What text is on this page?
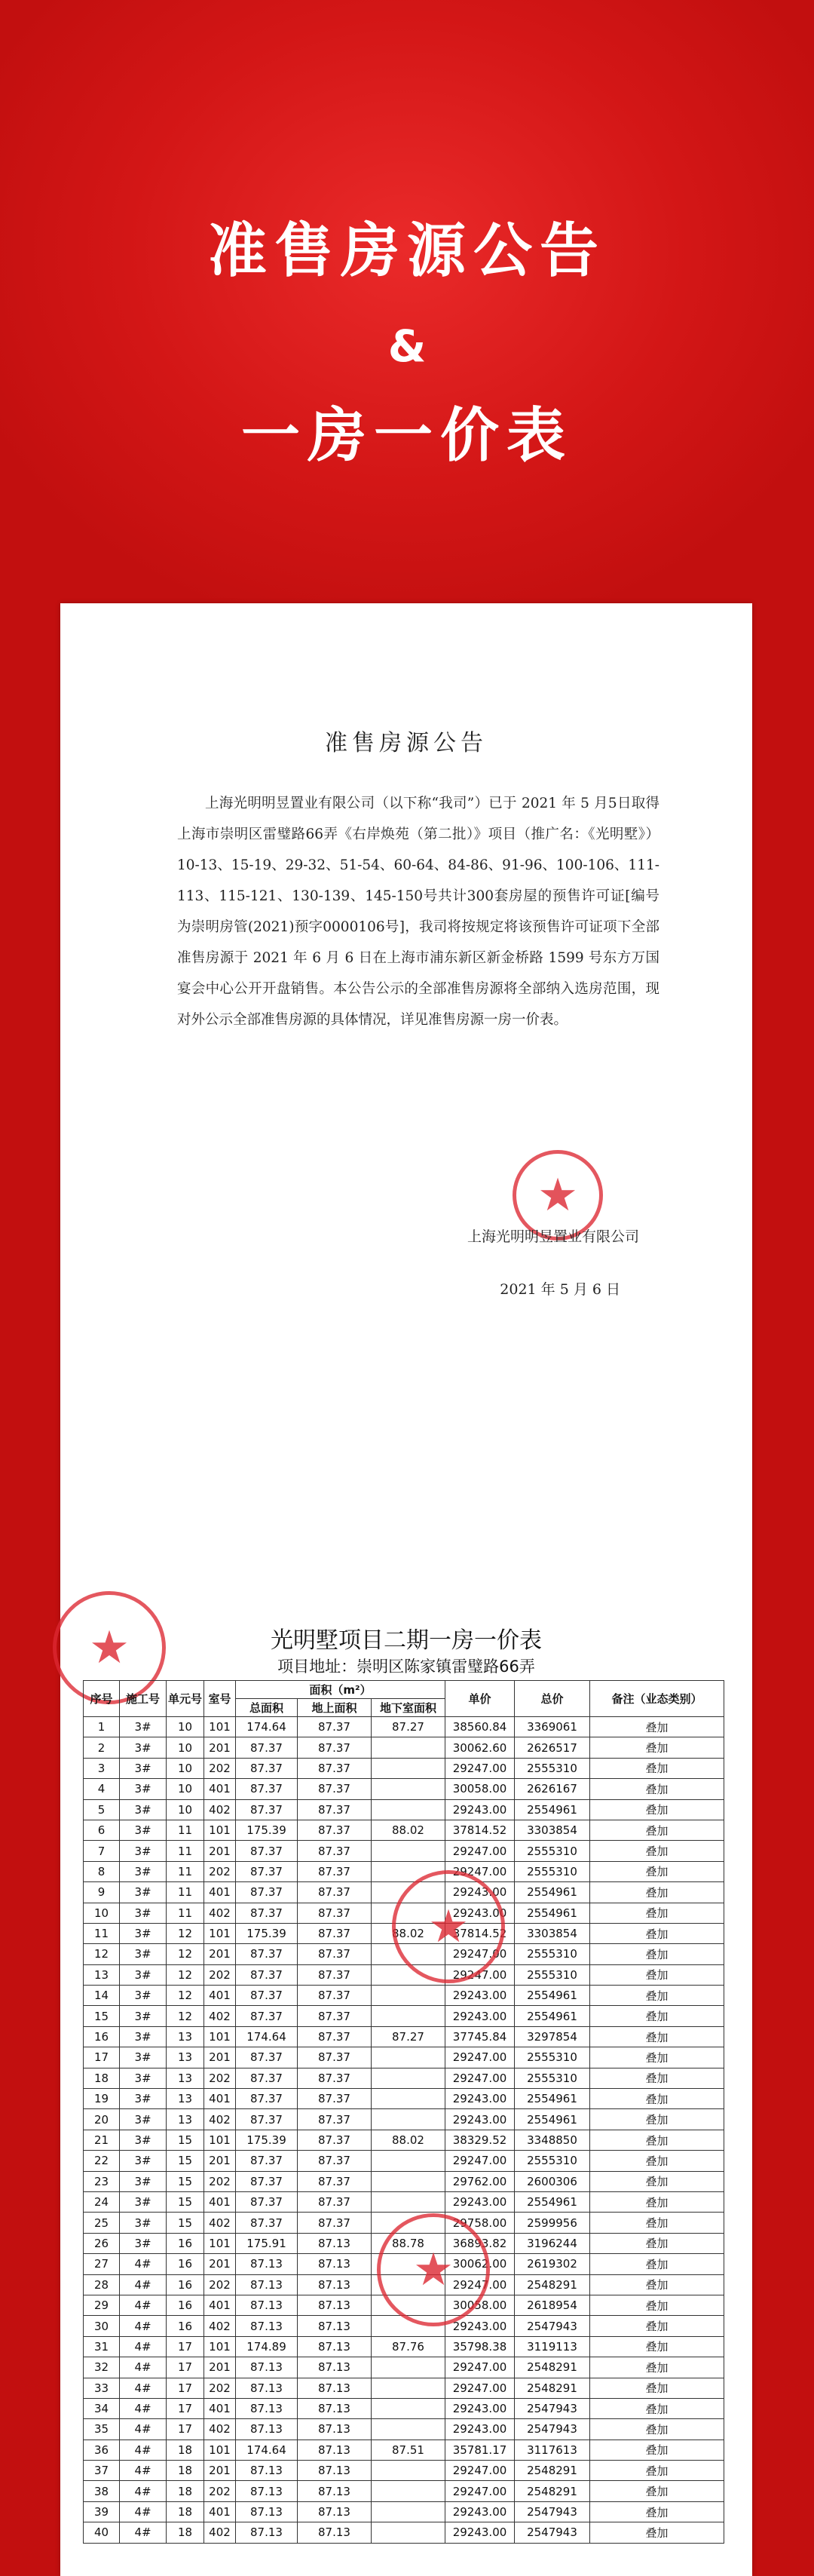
准售房源公告
&
一房一价表
准售房源公告

上海光明明昱置业有限公司（以下称“我司”）已于 2021 年 5 月5日取得上海市崇明区雷璧路66弄《右岸焕苑（第二批）》项目（推广名：《光明墅》）10-13、15-19、29-32、51-54、60-64、84-86、91-96、100-106、111-113、115-121、130-139、145-150号共计300套房屋的预售许可证[编号为崇明房管(2021)预字0000106号]，我司将按规定将该预售许可证项下全部准售房源于 2021 年 6 月 6 日在上海市浦东新区新金桥路 1599 号东方万国宴会中心公开开盘销售。本公告公示的全部准售房源将全部纳入选房范围，现对外公示全部准售房源的具体情况，详见准售房源一房一价表。

★
上海光明明昱置业有限公司
2021 年 5 月 6 日
★	光明墅项目二期一房一价表
项目地址：崇明区陈家镇雷璧路66弄
序号	施工号	单元号	室号	面积（m²）			单价	总价	备注（业态类别）
				总面积	地上面积	地下室面积			
1	3#	10	101	174.64	87.37	87.27	38560.84	3369061	叠加
2	3#	10	201	87.37	87.37		30062.60	2626517	叠加
3	3#	10	202	87.37	87.37		29247.00	2555310	叠加
4	3#	10	401	87.37	87.37		30058.00	2626167	叠加
5	3#	10	402	87.37	87.37		29243.00	2554961	叠加
6	3#	11	101	175.39	87.37	88.02	37814.52	3303854	叠加
7	3#	11	201	87.37	87.37		29247.00	2555310	叠加
8	3#	11	202	87.37	87.37		29247.00	2555310	叠加
9	3#	11	401	87.37	87.37		29243.00	2554961	叠加
10	3#	11	402	87.37	87.37		29243.00	2554961	叠加
11	3#	12	101	175.39	87.37	88.02	37814.52	3303854	叠加
12	3#	12	201	87.37	87.37		29247.00	2555310	叠加
13	3#	12	202	87.37	87.37		29247.00	2555310	叠加
14	3#	12	401	87.37	87.37		29243.00	2554961	叠加
15	3#	12	402	87.37	87.37		29243.00	2554961	叠加
16	3#	13	101	174.64	87.37	87.27	37745.84	3297854	叠加
17	3#	13	201	87.37	87.37		29247.00	2555310	叠加
18	3#	13	202	87.37	87.37		29247.00	2555310	叠加
19	3#	13	401	87.37	87.37		29243.00	2554961	叠加
20	3#	13	402	87.37	87.37		29243.00	2554961	叠加
21	3#	15	101	175.39	87.37	88.02	38329.52	3348850	叠加
22	3#	15	201	87.37	87.37		29247.00	2555310	叠加
23	3#	15	202	87.37	87.37		29762.00	2600306	叠加
24	3#	15	401	87.37	87.37		29243.00	2554961	叠加
25	3#	15	402	87.37	87.37		29758.00	2599956	叠加
26	3#	16	101	175.91	87.13	88.78	36893.82	3196244	叠加
27	4#	16	201	87.13	87.13		30062.00	2619302	叠加
28	4#	16	202	87.13	87.13		29247.00	2548291	叠加
29	4#	16	401	87.13	87.13		30058.00	2618954	叠加
30	4#	16	402	87.13	87.13		29243.00	2547943	叠加
31	4#	17	101	174.89	87.13	87.76	35798.38	3119113	叠加
32	4#	17	201	87.13	87.13		29247.00	2548291	叠加
33	4#	17	202	87.13	87.13		29247.00	2548291	叠加
34	4#	17	401	87.13	87.13		29243.00	2547943	叠加
35	4#	17	402	87.13	87.13		29243.00	2547943	叠加
36	4#	18	101	174.64	87.13	87.51	35781.17	3117613	叠加
37	4#	18	201	87.13	87.13		29247.00	2548291	叠加
38	4#	18	202	87.13	87.13		29247.00	2548291	叠加
39	4#	18	401	87.13	87.13		29243.00	2547943	叠加
40	4#	18	402	87.13	87.13		29243.00	2547943	叠加
★
★
